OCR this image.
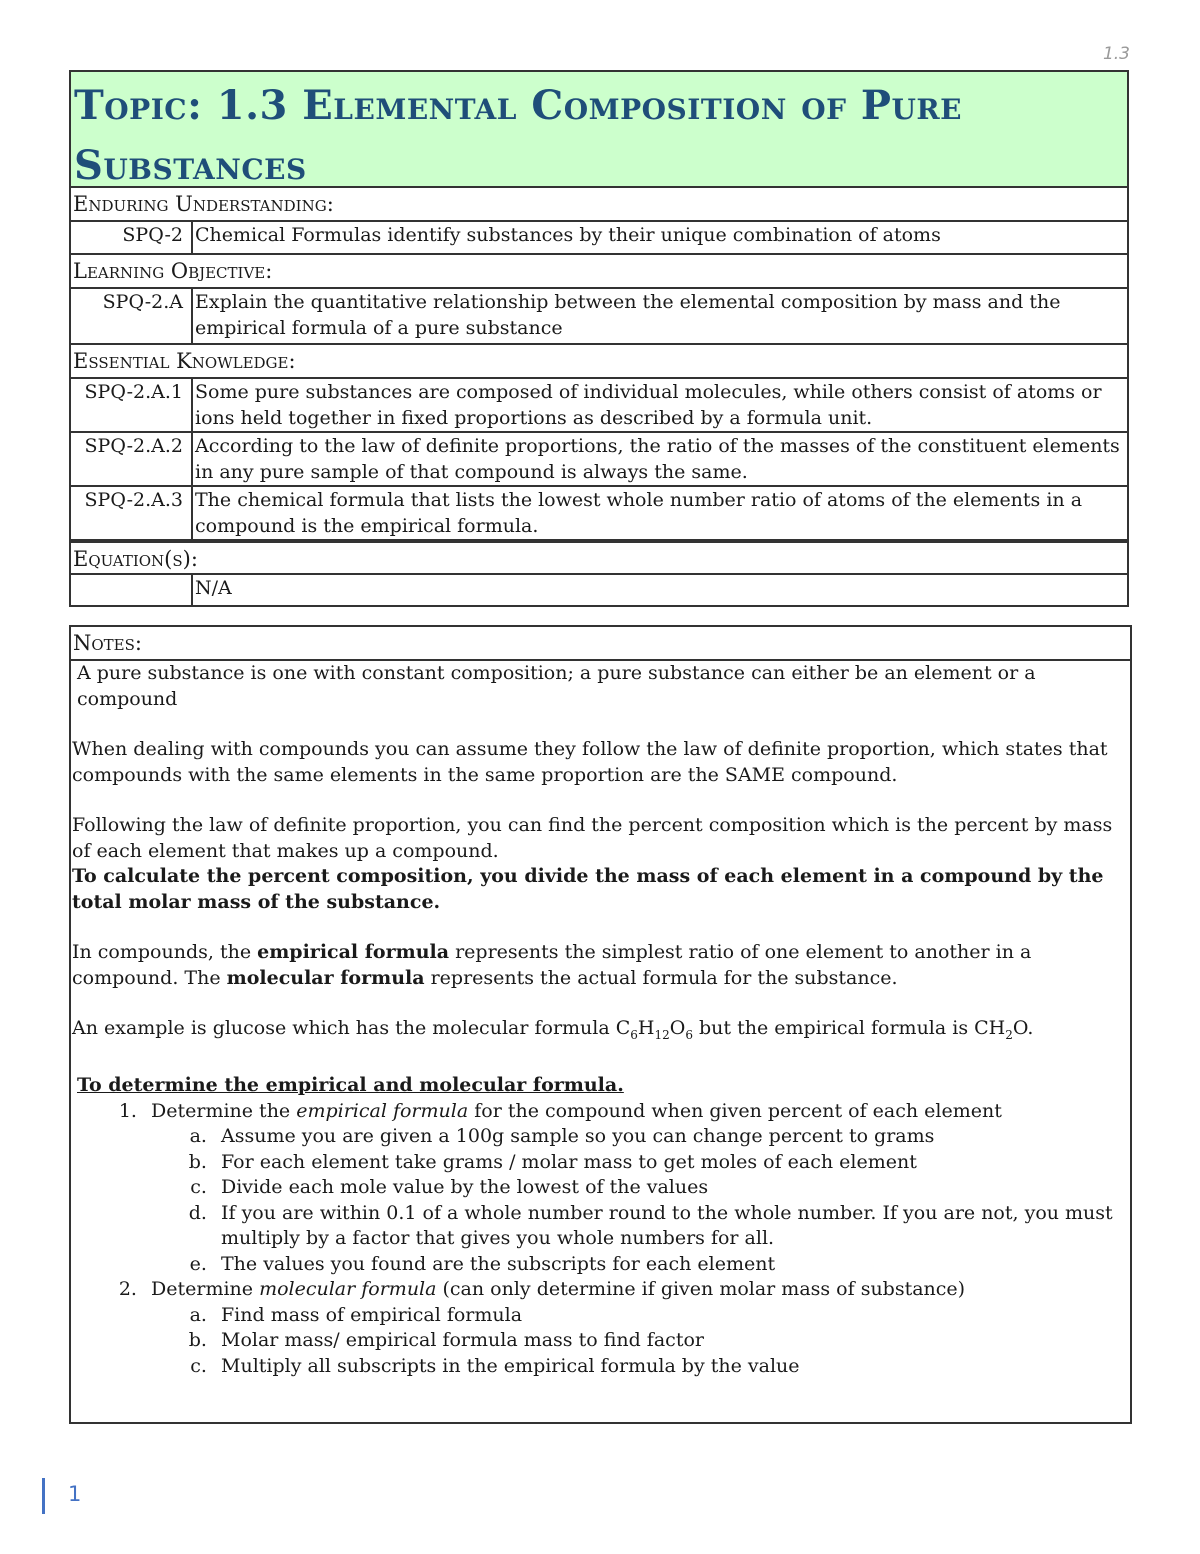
1.3
Topic: 1.3 Elemental Composition of Pure
Substances
Enduring Understanding:
SPQ-2 Chemical Formulas identify substances by their unique combination of atoms
Learning Objective:
SPQ-2.A Explain the quantitative relationship between the elemental composition by mass and the empirical formula of a pure substance
Essential Knowledge:
SPQ-2.A.1 Some pure substances are composed of individual molecules, while others consist of atoms or ions held together in fixed proportions as described by a formula unit.
SPQ-2.A.2 According to the law of definite proportions, the ratio of the masses of the constituent elements in any pure sample of that compound is always the same.
SPQ-2.A.3 The chemical formula that lists the lowest whole number ratio of atoms of the elements in a compound is the empirical formula.
Equation(s):
N/A
Notes:

A pure substance is one with constant composition; a pure substance can either be an element or a compound

When dealing with compounds you can assume they follow the law of definite proportion, which states that compounds with the same elements in the same proportion are the SAME compound.

Following the law of definite proportion, you can find the percent composition which is the percent by mass of each element that makes up a compound.

To calculate the percent composition, you divide the mass of each element in a compound by the total molar mass of the substance.

In compounds, the empirical formula represents the simplest ratio of one element to another in a compound. The molecular formula represents the actual formula for the substance.

An example is glucose which has the molecular formula $C_6H_{12}O_6$ but the empirical formula is $CH_2O$.

To determine the empirical and molecular formula.

1. Determine the empirical formula for the compound when given percent of each element
a. Assume you are given a 100g sample so you can change percent to grams
b. For each element take grams / molar mass to get moles of each element
c. Divide each mole value by the lowest of the values
d. If you are within 0.1 of a whole number round to the whole number. If you are not, you must multiply by a factor that gives you whole numbers for all.
e. The values you found are the subscripts for each element
2. Determine molecular formula (can only determine if given molar mass of substance)
a. Find mass of empirical formula
b. Molar mass/ empirical formula mass to find factor
c. Multiply all subscripts in the empirical formula by the value
1
